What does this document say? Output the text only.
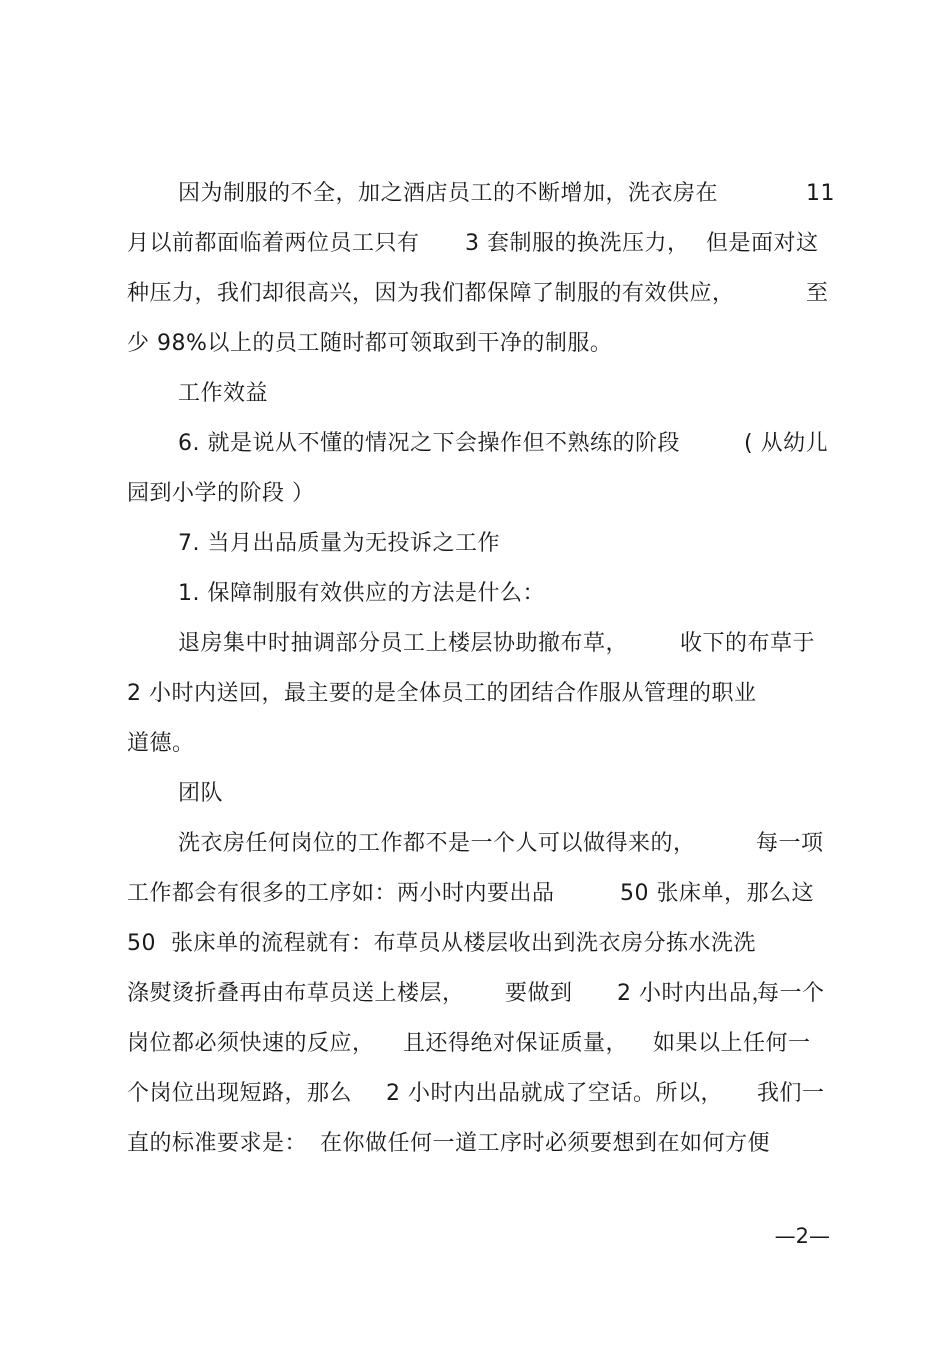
因为制服的不全，加之酒店员工的不断增加，洗衣房在	11
月以前都面临着两位员工只有 3 套制服的换洗压力， 但是面对这
种压力，我们却很高兴，因为我们都保障了制服的有效供应，	至
少 98%以上的员工随时都可领取到干净的制服。
工作效益
6. 就是说从不懂的情况之下会操作但不熟练的阶段	( 从幼儿
园到小学的阶段 ）
7. 当月出品质量为无投诉之工作
1. 保障制服有效供应的方法是什么：
退房集中时抽调部分员工上楼层协助撤布草， 收下的布草于
2 小时内送回，最主要的是全体员工的团结合作服从管理的职业
道德。
团队
洗衣房任何岗位的工作都不是一个人可以做得来的，	每一项
工作都会有很多的工序如：两小时内要出品	50 张床单，那么这
50  张床单的流程就有：布草员从楼层收出到洗衣房分拣水洗洗
涤熨烫折叠再由布草员送上楼层， 要做到 2 小时内出品，
每一个
岗位都必须快速的反应， 且还得绝对保证质量， 如果以上任何一
个岗位出现短路，那么 2 小时内出品就成了空话。所以， 我们一
直的标准要求是： 在你做任何一道工序时必须要想到在如何方便
—2—
